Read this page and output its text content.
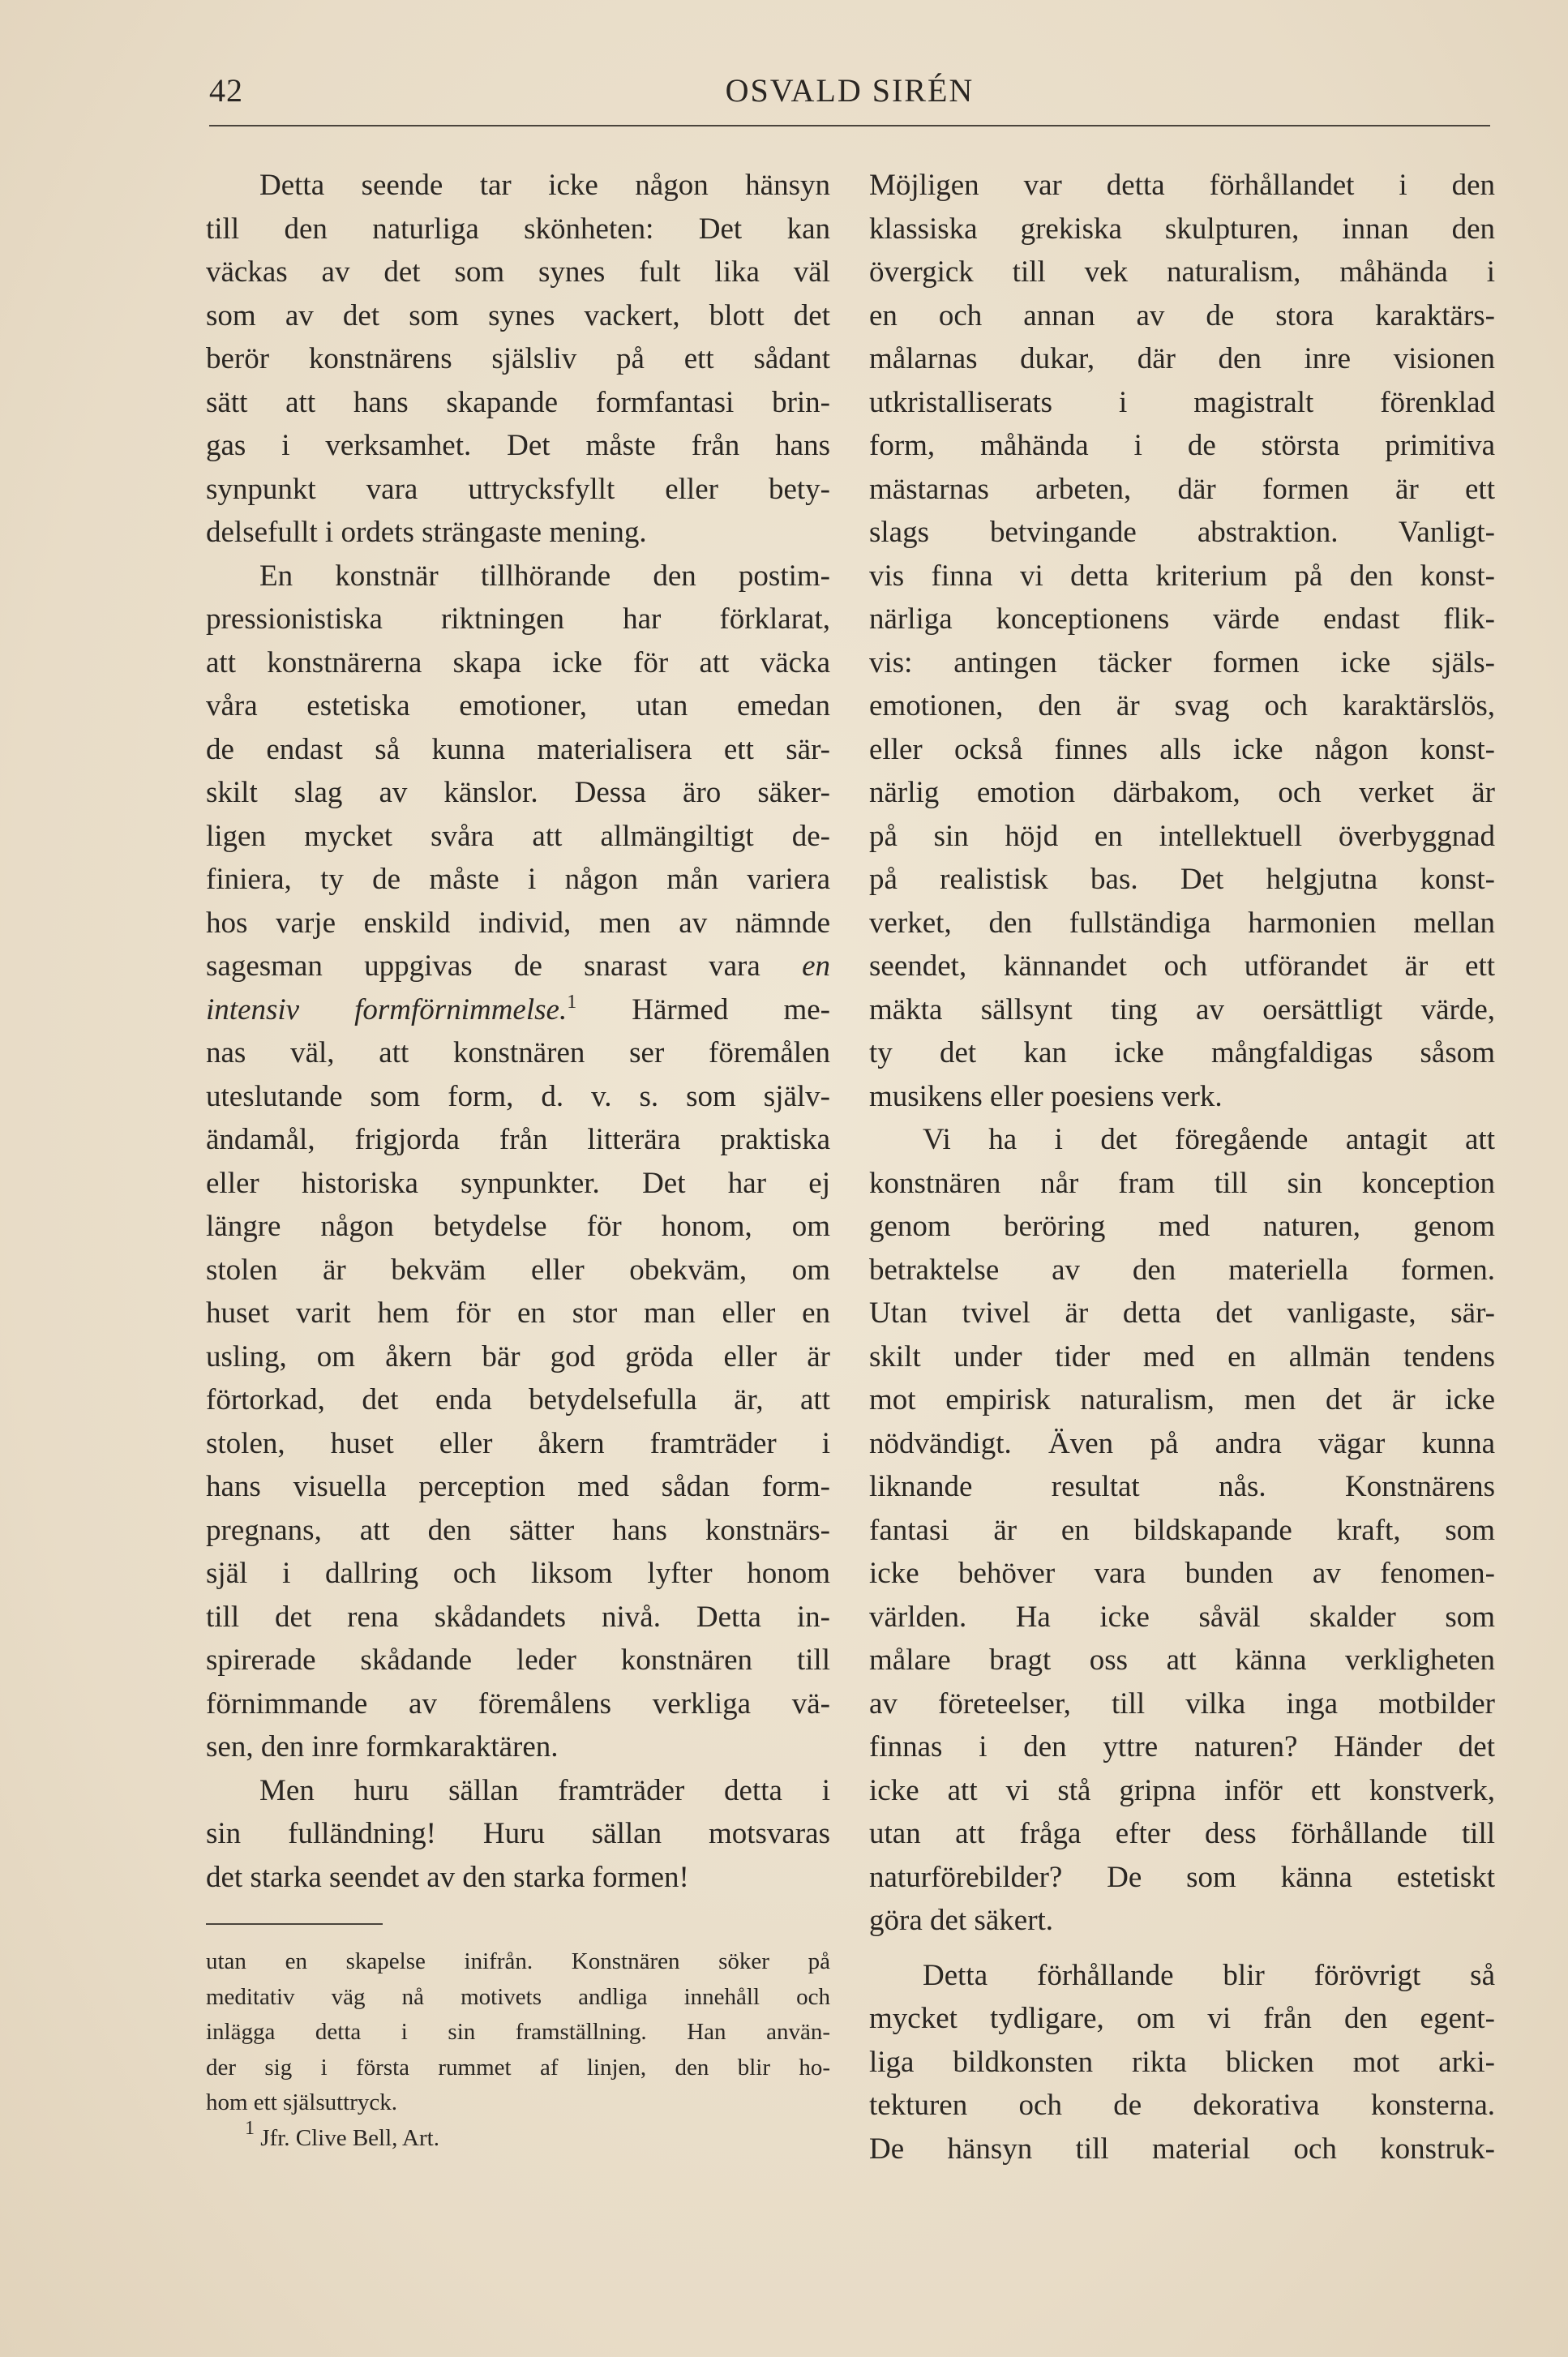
42	OSVALD SIRÉN
Detta seende tar icke någon hänsyn
till den naturliga skönheten: Det kan
väckas av det som synes fult lika väl
som av det som synes vackert, blott det
berör konstnärens själsliv på ett sådant
sätt att hans skapande formfantasi brin-
gas i verksamhet. Det måste från hans
synpunkt vara uttrycksfyllt eller bety-
delsefullt i ordets strängaste mening.
En konstnär tillhörande den postim-
pressionistiska riktningen har förklarat,
att konstnärerna skapa icke för att väcka
våra estetiska emotioner, utan emedan
de endast så kunna materialisera ett sär-
skilt slag av känslor. Dessa äro säker-
ligen mycket svåra att allmängiltigt de-
finiera, ty de måste i någon mån variera
hos varje enskild individ, men av nämnde
sagesman uppgivas de snarast vara en
intensiv formförnimmelse.$^1$ Härmed me-
nas väl, att konstnären ser föremålen
uteslutande som form, d. v. s. som själv-
ändamål, frigjorda från litterära praktiska
eller historiska synpunkter. Det har ej
längre någon betydelse för honom, om
stolen är bekväm eller obekväm, om
huset varit hem för en stor man eller en
usling, om åkern bär god gröda eller är
förtorkad, det enda betydelsefulla är, att
stolen, huset eller åkern framträder i
hans visuella perception med sådan form-
pregnans, att den sätter hans konstnärs-
själ i dallring och liksom lyfter honom
till det rena skådandets nivå. Detta in-
spirerade skådande leder konstnären till
förnimmande av föremålens verkliga vä-
sen, den inre formkaraktären.
Men huru sällan framträder detta i
sin fulländning! Huru sällan motsvaras
det starka seendet av den starka formen!
utan en skapelse inifrån. Konstnären söker på
meditativ väg nå motivets andliga innehåll och
inlägga detta i sin framställning. Han använ-
der sig i första rummet af linjen, den blir ho-
hom ett själsuttryck.
$^1$ Jfr. Clive Bell, Art.
Möjligen var detta förhållandet i den
klassiska grekiska skulpturen, innan den
övergick till vek naturalism, måhända i
en och annan av de stora karaktärs-
målarnas dukar, där den inre visionen
utkristalliserats i magistralt förenklad
form, måhända i de största primitiva
mästarnas arbeten, där formen är ett
slags betvingande abstraktion. Vanligt-
vis finna vi detta kriterium på den konst-
närliga konceptionens värde endast flik-
vis: antingen täcker formen icke själs-
emotionen, den är svag och karaktärslös,
eller också finnes alls icke någon konst-
närlig emotion därbakom, och verket är
på sin höjd en intellektuell överbyggnad
på realistisk bas. Det helgjutna konst-
verket, den fullständiga harmonien mellan
seendet, kännandet och utförandet är ett
mäkta sällsynt ting av oersättligt värde,
ty det kan icke mångfaldigas såsom
musikens eller poesiens verk.
Vi ha i det föregående antagit att
konstnären når fram till sin konception
genom beröring med naturen, genom
betraktelse av den materiella formen.
Utan tvivel är detta det vanligaste, sär-
skilt under tider med en allmän tendens
mot empirisk naturalism, men det är icke
nödvändigt. Även på andra vägar kunna
liknande resultat nås. Konstnärens
fantasi är en bildskapande kraft, som
icke behöver vara bunden av fenomen-
världen. Ha icke såväl skalder som
målare bragt oss att känna verkligheten
av företeelser, till vilka inga motbilder
finnas i den yttre naturen? Händer det
icke att vi stå gripna inför ett konstverk,
utan att fråga efter dess förhållande till
naturförebilder? De som känna estetiskt
göra det säkert.
Detta förhållande blir förövrigt så
mycket tydligare, om vi från den egent-
liga bildkonsten rikta blicken mot arki-
tekturen och de dekorativa konsterna.
De hänsyn till material och konstruk-
